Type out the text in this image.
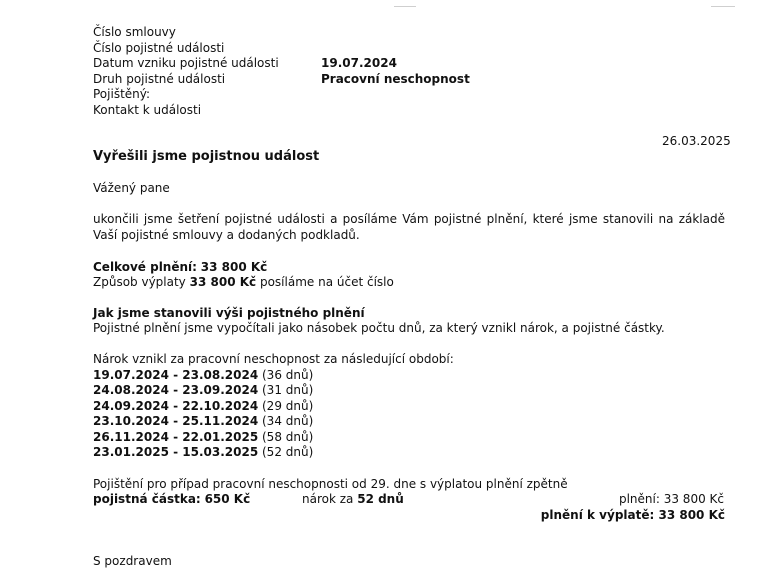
Číslo smlouvy
Číslo pojistné události
Datum vzniku pojistné události	19.07.2024
Druh pojistné události	Pracovní neschopnost
Pojištěný:
Kontakt k události
26.03.2025
Vyřešili jsme pojistnou událost
Vážený pane
ukončili jsme šetření pojistné události a posíláme Vám pojistné plnění, které jsme stanovili na základě Vaší pojistné smlouvy a dodaných podkladů.
Celkové plnění: 33 800 Kč
Způsob výplaty 33 800 Kč posíláme na účet číslo
Jak jsme stanovili výši pojistného plnění
Pojistné plnění jsme vypočítali jako násobek počtu dnů, za který vznikl nárok, a pojistné částky.
Nárok vznikl za pracovní neschopnost za následující období:
19.07.2024 - 23.08.2024 (36 dnů)
24.08.2024 - 23.09.2024 (31 dnů)
24.09.2024 - 22.10.2024 (29 dnů)
23.10.2024 - 25.11.2024 (34 dnů)
26.11.2024 - 22.01.2025 (58 dnů)
23.01.2025 - 15.03.2025 (52 dnů)
Pojištění pro případ pracovní neschopnosti od 29. dne s výplatou plnění zpětně
pojistná částka: 650 Kč	nárok za 52 dnů	plnění: 33 800 Kč
plnění k výplatě: 33 800 Kč
S pozdravem
